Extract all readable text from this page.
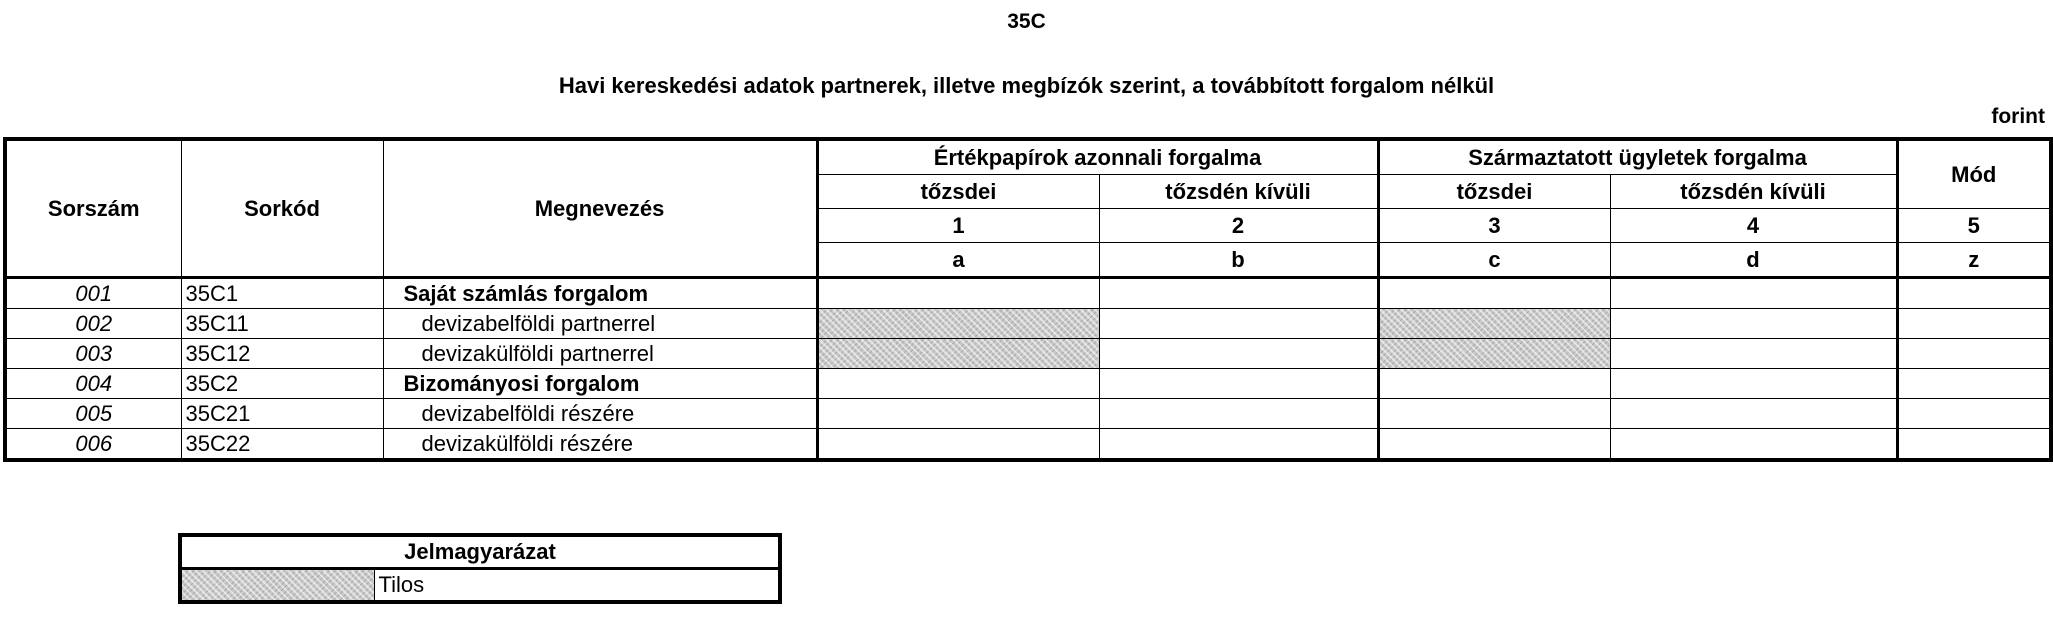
35C
Havi kereskedési adatok partnerek, illetve megbízók szerint, a továbbított forgalom nélkül
forint
Sorszám	Sorkód	Megnevezés	Értékpapírok azonnali forgalma		Származtatott ügyletek forgalma		Mód
			tőzsdei	tőzsdén kívüli	tőzsdei	tőzsdén kívüli	
			1	2	3	4	5
			a	b	c	d	z
001	35C1	Saját számlás forgalom					
002	35C11	devizabelföldi partnerrel					
003	35C12	devizakülföldi partnerrel					
004	35C2	Bizományosi forgalom					
005	35C21	devizabelföldi részére					
006	35C22	devizakülföldi részére					
Jelmagyarázat
	Tilos
